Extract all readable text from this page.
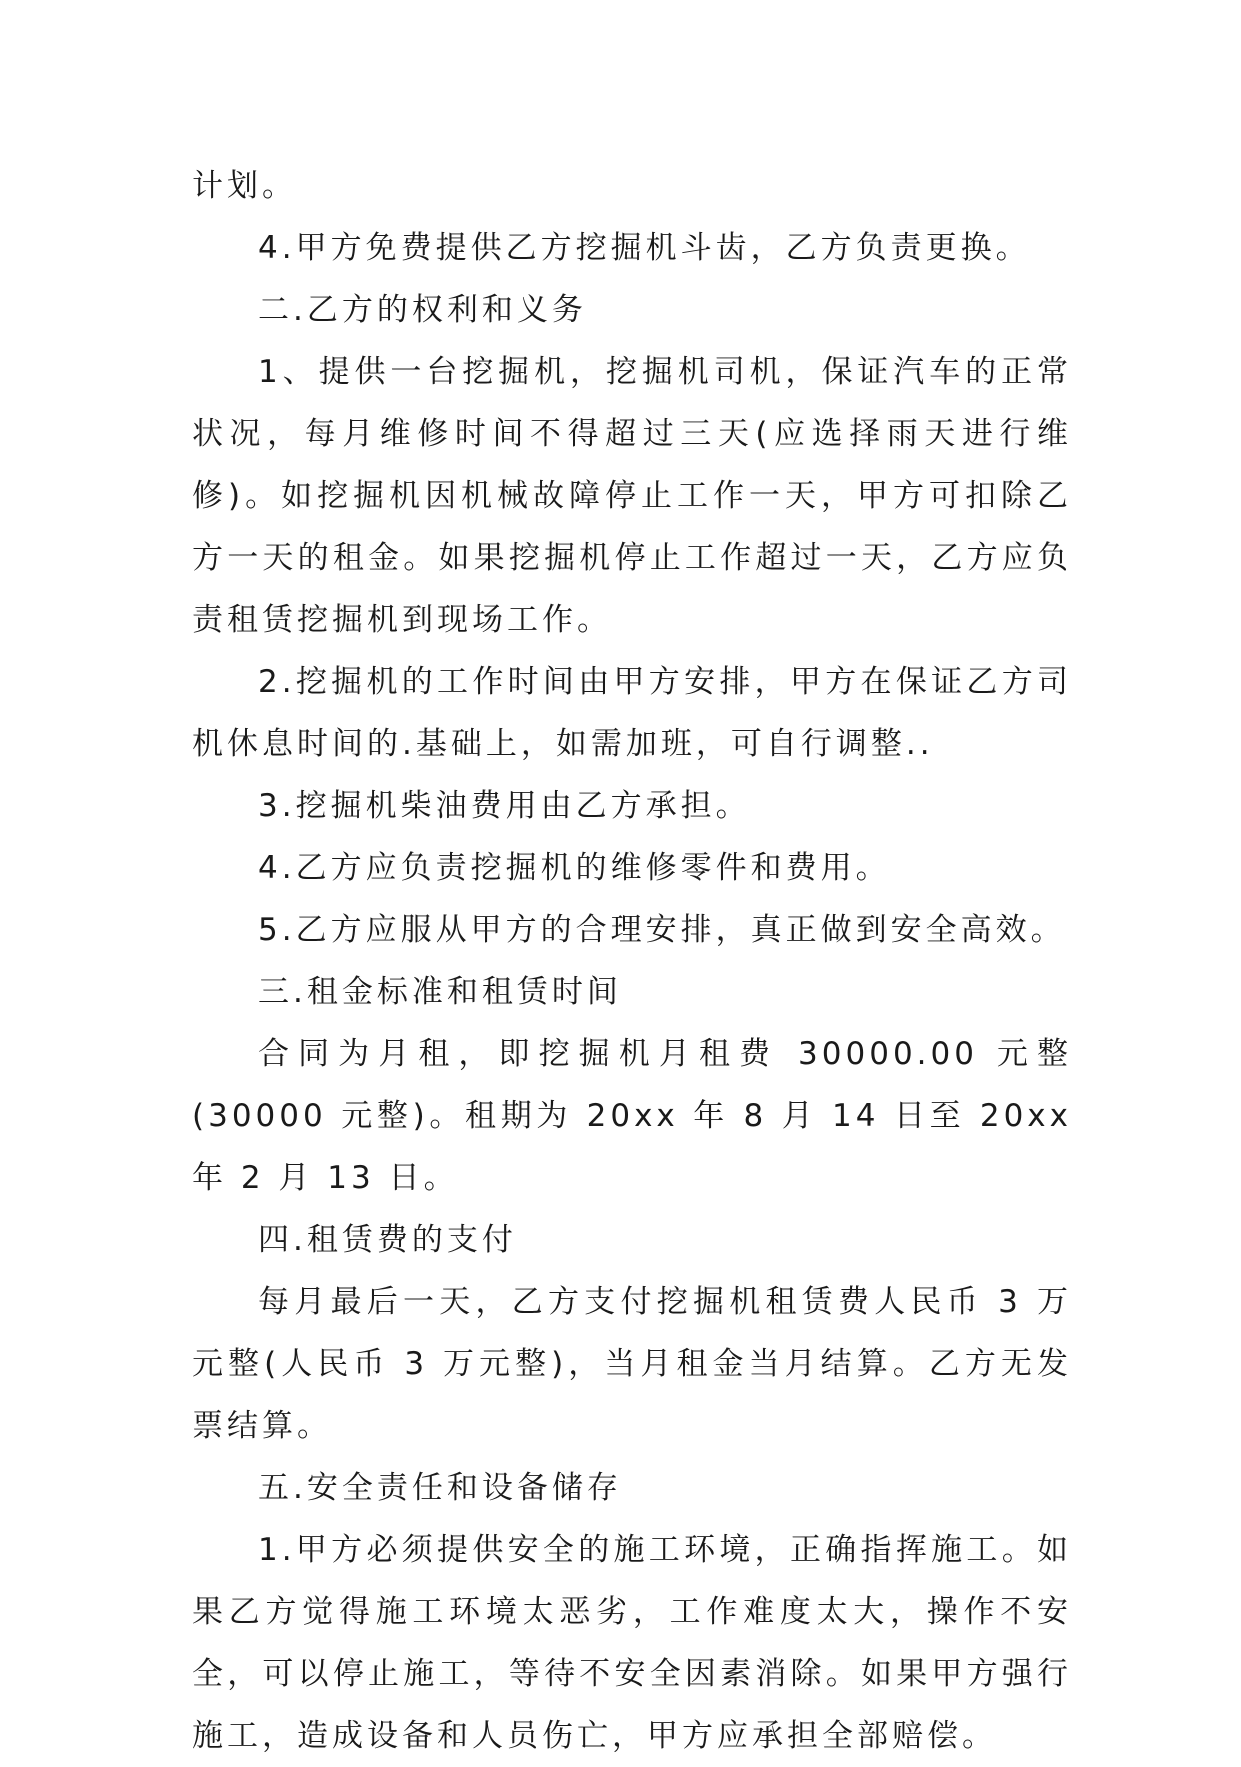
计划。

4.甲方免费提供乙方挖掘机斗齿，乙方负责更换。

二.乙方的权利和义务

1、提供一台挖掘机，挖掘机司机，保证汽车的正常状况，每月维修时间不得超过三天(应选择雨天进行维修)。如挖掘机因机械故障停止工作一天，甲方可扣除乙方一天的租金。如果挖掘机停止工作超过一天，乙方应负责租赁挖掘机到现场工作。

2.挖掘机的工作时间由甲方安排，甲方在保证乙方司机休息时间的.基础上，如需加班，可自行调整..

3.挖掘机柴油费用由乙方承担。

4.乙方应负责挖掘机的维修零件和费用。

5.乙方应服从甲方的合理安排，真正做到安全高效。

三.租金标准和租赁时间

合同为月租，即挖掘机月租费 30000.00 元整(30000 元整)。租期为 20xx 年 8 月 14 日至 20xx 年 2 月 13 日。

四.租赁费的支付

每月最后一天，乙方支付挖掘机租赁费人民币 3 万元整(人民币 3 万元整)，当月租金当月结算。乙方无发票结算。

五.安全责任和设备储存

1.甲方必须提供安全的施工环境，正确指挥施工。如果乙方觉得施工环境太恶劣，工作难度太大，操作不安全，可以停止施工，等待不安全因素消除。如果甲方强行施工，造成设备和人员伤亡，甲方应承担全部赔偿。
